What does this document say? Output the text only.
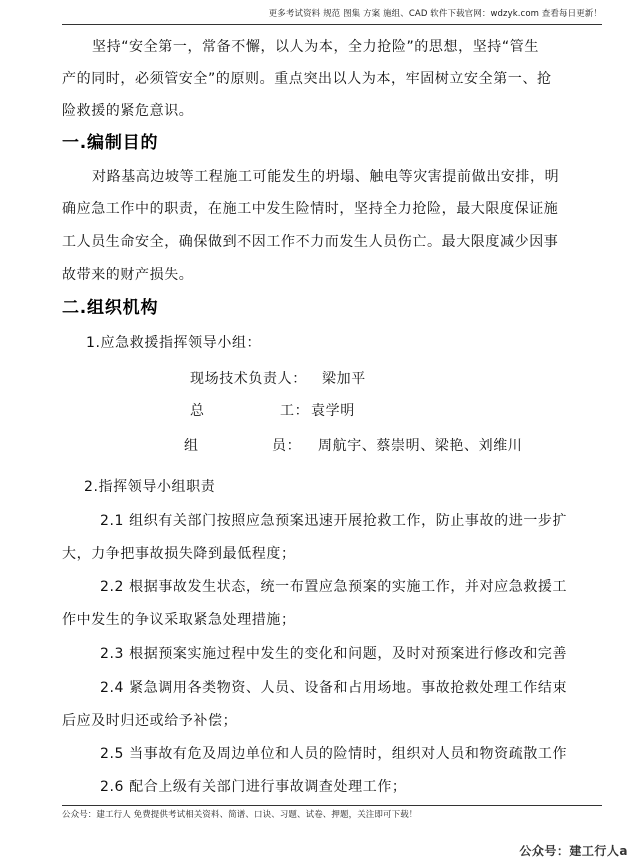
更多考试资料 规范 图集 方案 施组、CAD 软件下载官网：wdzyk.com 查看每日更新！
坚持“安全第一，常备不懈，以人为本，全力抢险”的思想，坚持“管生
产的同时，必须管安全”的原则。重点突出以人为本，牢固树立安全第一、抢
险救援的紧危意识。
一.编制目的
对路基高边坡等工程施工可能发生的坍塌、触电等灾害提前做出安排，明
确应急工作中的职责，在施工中发生险情时，坚持全力抢险，最大限度保证施
工人员生命安全，确保做到不因工作不力而发生人员伤亡。最大限度减少因事
故带来的财产损失。
二.组织机构
1.应急救援指挥领导小组：
现场技术负责人： 梁加平
总	工： 袁学明
组	员： 周航宇、蔡崇明、梁艳、刘维川
2.指挥领导小组职责
2.1 组织有关部门按照应急预案迅速开展抢救工作，防止事故的进一步扩
大，力争把事故损失降到最低程度；
2.2 根据事故发生状态，统一布置应急预案的实施工作，并对应急救援工
作中发生的争议采取紧急处理措施；
2.3 根据预案实施过程中发生的变化和问题，及时对预案进行修改和完善
2.4 紧急调用各类物资、人员、设备和占用场地。事故抢救处理工作结束
后应及时归还或给予补偿；
2.5 当事故有危及周边单位和人员的险情时，组织对人员和物资疏散工作
2.6 配合上级有关部门进行事故调查处理工作；
公众号：建工行人 免费提供考试相关资料、简谱、口诀、习题、试卷、押题，关注即可下载！
公众号：建工行人a
